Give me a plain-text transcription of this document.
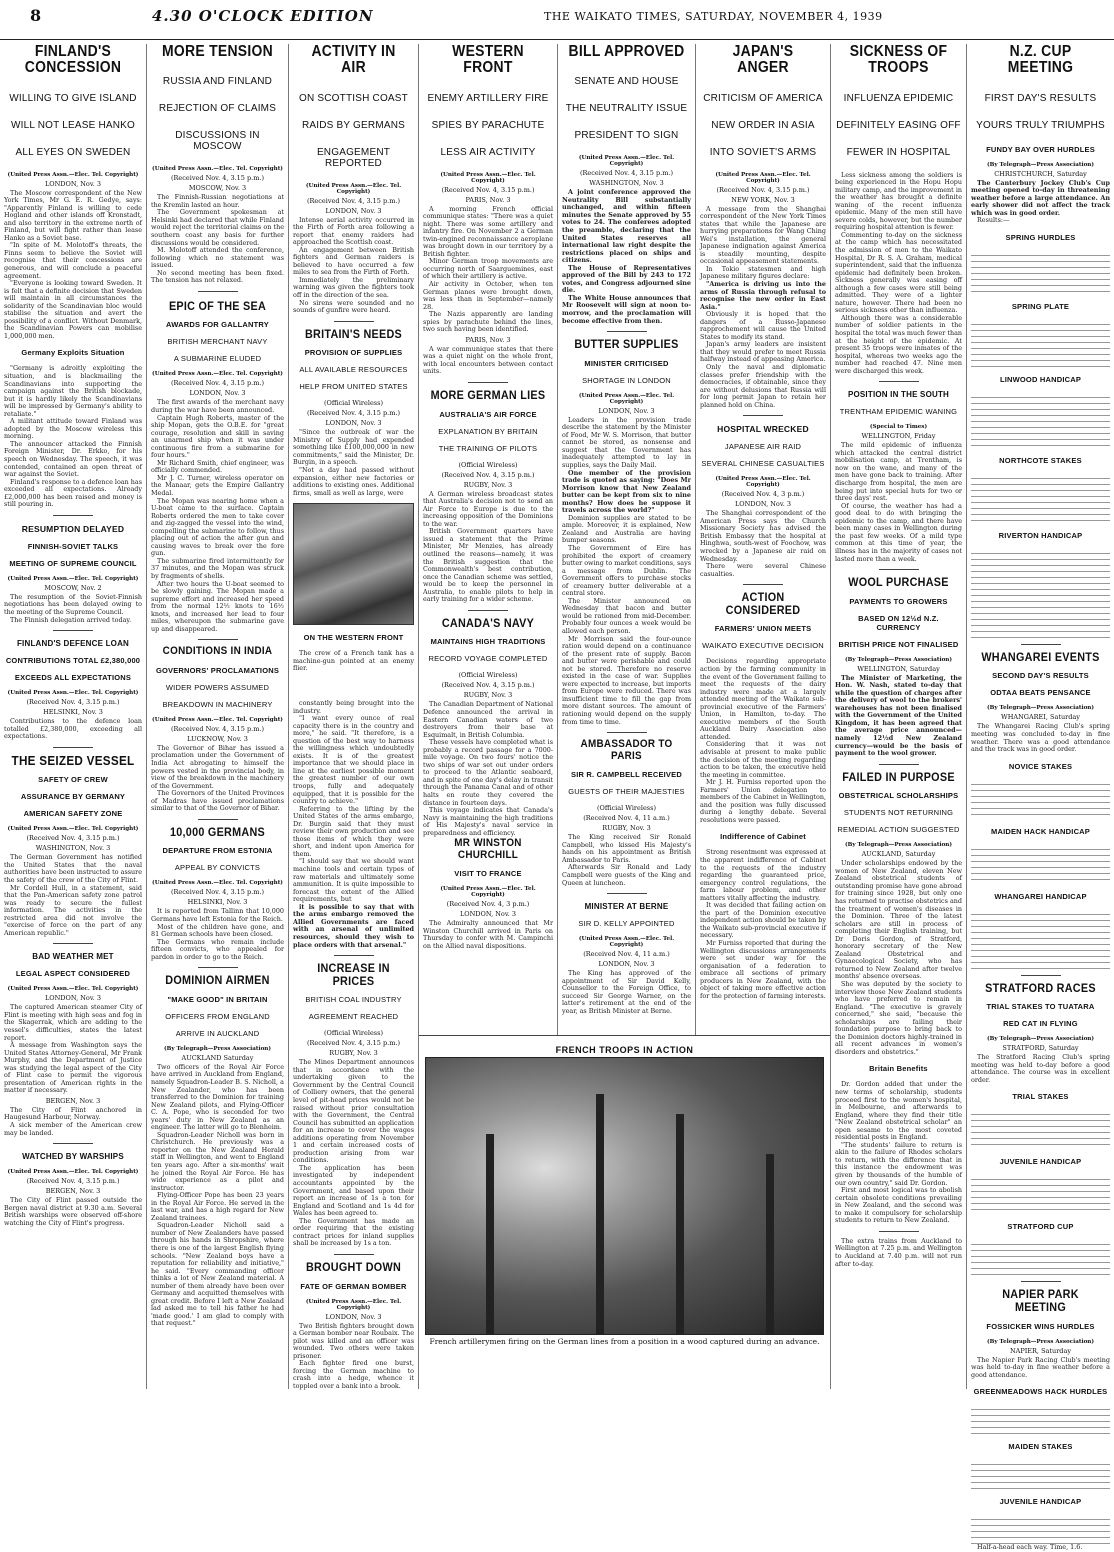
8	4.30 O'CLOCK EDITION	THE WAIKATO TIMES, SATURDAY, NOVEMBER 4, 1939
FINLAND'S CONCESSION
WILLING TO GIVE ISLAND
WILL NOT LEASE HANKO
ALL EYES ON SWEDEN
(United Press Assn.—Elec. Tel. Copyright)
LONDON, Nov. 3

The Moscow correspondent of the New York Times, Mr G. E. R. Gedye, says: "Apparently Finland is willing to cede Hogland and other islands off Kronstadt, and also territory in the extreme north of Finland, but will fight rather than lease Hanko as a Soviet base.

"In spite of M. Molotoff's threats, the Finns seem to believe the Soviet will recognise that their concessions are generous, and will conclude a peaceful agreement.

"Everyone is looking toward Sweden. It is felt that a definite decision that Sweden will maintain in all circumstances the solidarity of the Scandinavian bloc would stabilise the situation and avert the possibility of a conflict. Without Denmark, the Scandinavian Powers can mobilise 1,000,000 men.

Germany Exploits Situation

"Germany is adroitly exploiting the situation, and is blackmailing the Scandinavians into supporting the campaign against the British blockade, but it is hardly likely the Scandinavians will be impressed by Germany's ability to retaliate."

A militant attitude toward Finland was adopted by the Moscow wireless this morning.

The announcer attacked the Finnish Foreign Minister, Dr. Erkko, for his speech on Wednesday. The speech, it was contended, contained an open threat of war against the Soviet.

Finland's response to a defence loan has exceeded all expectations. Already £2,000,000 has been raised and money is still pouring in.

RESUMPTION DELAYED
FINNISH-SOVIET TALKS
MEETING OF SUPREME COUNCIL
(United Press Assn.—Elec. Tel. Copyright)
MOSCOW, Nov. 2

The resumption of the Soviet-Finnish negotiations has been delayed owing to the meeting of the Supreme Council.

The Finnish delegation arrived today.

FINLAND'S DEFENCE LOAN
CONTRIBUTIONS TOTAL £2,380,000
EXCEEDS ALL EXPECTATIONS
(United Press Assn.—Elec. Tel. Copyright)
(Received Nov. 4, 3.15 p.m.)
HELSINKI, Nov. 3

Contributions to the defence loan totalled £2,380,000, exceeding all expectations.

THE SEIZED VESSEL
SAFETY OF CREW
ASSURANCE BY GERMANY
AMERICAN SAFETY ZONE
(United Press Assn.—Elec. Tel. Copyright)
(Received Nov. 4, 3.15 p.m.)
WASHINGTON, Nov. 3

The German Government has notified the United States that the naval authorities have been instructed to assure the safety of the crew of the City of Flint.

Mr Cordell Hull, in a statement, said that the Pan-American safety zone patrol was ready to secure the fullest information. The activities in the restricted area did not involve the "exercise of force on the part of any American republic."

BAD WEATHER MET
LEGAL ASPECT CONSIDERED
(United Press Assn.—Elec. Tel. Copyright)
LONDON, Nov. 3

The captured American steamer City of Flint is meeting with high seas and fog in the Skagerrak, which are adding to the vessel's difficulties, states the latest report.

A message from Washington says the United States Attorney-General, Mr Frank Murphy, and the Department of Justice was studying the legal aspect of the City of Flint case to permit the vigorous presentation of American rights in the matter if necessary.

BERGEN, Nov. 3

The City of Flint anchored in Haugesund Harbour, Norway.

A sick member of the American crew may be landed.

WATCHED BY WARSHIPS
(United Press Assn.—Elec. Tel. Copyright)
(Received Nov. 4, 3.15 p.m.)
BERGEN, Nov. 3

The City of Flint passed outside the Bergen naval district at 9.30 a.m. Several British warships were observed off-shore watching the City of Flint's progress.

MORE TENSION
RUSSIA AND FINLAND
REJECTION OF CLAIMS
DISCUSSIONS IN MOSCOW
(United Press Assn.—Elec. Tel. Copyright)
(Received Nov. 4, 3.15 p.m.)
MOSCOW, Nov. 3

The Finnish-Russian negotiations at the Kremlin lasted an hour.

The Government spokesman at Helsinki had declared that while Finland would reject the territorial claims on the southern coast any basis for further discussions would be considered.

M. Molotoff attended the conference, following which no statement was issued.

No second meeting has been fixed. The tension has not relaxed.

EPIC OF THE SEA
AWARDS FOR GALLANTRY
BRITISH MERCHANT NAVY
A SUBMARINE ELUDED
(United Press Assn.—Elec. Tel. Copyright)
(Received Nov. 4, 3.15 p.m.)
LONDON, Nov. 3

The first awards of the merchant navy during the war have been announced.

Captain Hugh Roberts, master of the ship Mopan, gets the O.B.E. for "great courage, resolution and skill in saving an unarmed ship when it was under continuous fire from a submarine for four hours."

Mr Richard Smith, chief engineer, was officially commended.

Mr J. C. Turner, wireless operator on the Manaar, gets the Empire Gallantry Medal.

The Mopan was nearing home when a U-boat came to the surface. Captain Roberts ordered the men to take cover and zig-zagged the vessel into the wind, compelling the submarine to follow, thus placing out of action the after gun and causing waves to break over the fore gun.

The submarine fired intermittently for 37 minutes, and the Mopan was struck by fragments of shells.

After two hours the U-boat seemed to be slowly gaining. The Mopan made a supreme effort and increased her speed from the normal 12½ knots to 16½ knots, and increased her lead to four miles, whereupon the submarine gave up and disappeared.

CONDITIONS IN INDIA
GOVERNORS' PROCLAMATIONS
WIDER POWERS ASSUMED
BREAKDOWN IN MACHINERY
(United Press Assn.—Elec. Tel. Copyright)
(Received Nov. 4, 3.15 p.m.)
LUCKNOW, Nov. 3

The Governor of Bihar has issued a proclamation under the Government of India Act abrogating to himself the powers vested in the provincial body, in view of the breakdown in the machinery of the Government.

The Governors of the United Provinces of Madras have issued proclamations similar to that of the Governor of Bihar.

10,000 GERMANS
DEPARTURE FROM ESTONIA
APPEAL BY CONVICTS
(United Press Assn.—Elec. Tel. Copyright)
(Received Nov. 4, 3.15 p.m.)
HELSINKI, Nov. 3

It is reported from Tallinn that 10,000 Germans have left Estonia for the Reich.

Most of the children have gone, and 81 German schools have been closed.

The Germans who remain include fifteen convicts, who appealed for pardon in order to go to the Reich.

DOMINION AIRMEN
"MAKE GOOD" IN BRITAIN
OFFICERS FROM ENGLAND
ARRIVE IN AUCKLAND
(By Telegraph—Press Association)
AUCKLAND Saturday

Two officers of the Royal Air Force have arrived in Auckland from England, namely Squadron-Leader B. S. Nicholl, a New Zealander, who has been transferred to the Dominion for training New Zealand pilots, and Flying-Officer C. A. Pope, who is seconded for two years' duty in New Zealand as an engineer. The latter will go to Blenheim.

Squadron-Leader Nicholl was born in Christchurch. He previously was a reporter on the New Zealand Herald staff in Wellington, and went to England ten years ago. After a six-months' wait he joined the Royal Air Force. He has wide experience as a pilot and instructor.

Flying-Officer Pope has been 23 years in the Royal Air Force. He served in the last war, and has a high regard for New Zealand trainees.

Squadron-Leader Nicholl said a number of New Zealanders have passed through his hands in Shropshire, where there is one of the largest English flying schools. "New Zealand boys have a reputation for reliability and initiative," he said. "Every commanding officer thinks a lot of New Zealand material. A number of them already have been over Germany and acquitted themselves with great credit. Before I left a New Zealand lad asked me to tell his father he had 'made good.' I am glad to comply with that request."

ACTIVITY IN AIR
ON SCOTTISH COAST
RAIDS BY GERMANS
ENGAGEMENT REPORTED
(United Press Assn.—Elec. Tel. Copyright)
(Received Nov. 4, 3.15 p.m.)
LONDON, Nov. 3

Intense aerial activity occurred in the Firth of Forth area following a report that enemy raiders had approached the Scottish coast.

An engagement between British fighters and German raiders is believed to have occurred a few miles to sea from the Firth of Forth.

Immediately the preliminary warning was given the fighters took off in the direction of the sea.

No sirens were sounded and no sounds of gunfire were heard.

BRITAIN'S NEEDS
PROVISION OF SUPPLIES
ALL AVAILABLE RESOURCES
HELP FROM UNITED STATES
(Official Wireless)
(Received Nov. 4, 3.15 p.m.)
LONDON, Nov. 3

"Since the outbreak of war the Ministry of Supply had expended something like £100,000,000 in new commitments," said the Minister, Dr. Burgin, in a speech.

"Not a day had passed without expansion, either new factories or additions to existing ones. Additional firms, small as well as large, were

ON THE WESTERN FRONT

The crew of a French tank has a machine-gun pointed at an enemy flier.

constantly being brought into the industry.

"I want every ounce of real capacity there is in the country and more," he said. "It therefore, is a question of the best way to harness the willingness which undoubtedly exists. It is of the greatest importance that we should place in line at the earliest possible moment the greatest number of our own troops, fully and adequately equipped, that it is possible for the country to achieve."

Referring to the lifting by the United States of the arms embargo, Dr. Burgin said that they must review their own production and see those items of which they were short, and indent upon America for them.

"I should say that we should want machine tools and certain types of raw materials and ultimately some ammunition. It is quite impossible to forecast the extent of the Allied requirements, but

it is possible to say that with the arms embargo removed the Allied Governments are faced with an arsenal of unlimited resources, should they wish to place orders with that arsenal."

INCREASE IN PRICES
BRITISH COAL INDUSTRY
AGREEMENT REACHED
(Official Wireless)
(Received Nov. 4, 3.15 p.m.)
RUGBY, Nov. 3

The Mines Department announces that in accordance with the undertaking given to the Government by the Central Council of Colliery owners, that the general level of pit-head prices would not be raised without prior consultation with the Government, the Central Council has submitted an application for an increase to cover the wages additions operating from November 1 and certain increased costs of production arising from war conditions.

The application has been investigated by independent accountants appointed by the Government, and based upon their report an increase of 1s a ton for England and Scotland and 1s 4d for Wales has been agreed to.

The Government has made an order requiring that the existing contract prices for inland supplies shall be increased by 1s a ton.

BROUGHT DOWN
FATE OF GERMAN BOMBER
(United Press Assn.—Elec. Tel. Copyright)
LONDON, Nov. 3

Two British fighters brought down a German bomber near Roubaix. The pilot was killed and an officer was wounded. Two others were taken prisoner.

Each fighter fired one burst, forcing the German machine to crash into a hedge, whence it toppled over a bank into a brook.

WESTERN FRONT
ENEMY ARTILLERY FIRE
SPIES BY PARACHUTE
LESS AIR ACTIVITY
(United Press Assn.—Elec. Tel. Copyright)
(Received Nov. 4, 3.15 p.m.)
PARIS, Nov. 3

A morning French official communique states: "There was a quiet night. There was some artillery and infantry fire. On November 2 a German twin-engined reconnaissance aeroplane was brought down in our territory by a British fighter.

Minor German troop movements are occurring north of Saarguemines, east of which their artillery is active.

Air activity in October, when ten German planes were brought down, was less than in September—namely 28.

The Nazis apparently are landing spies by parachute behind the lines, two such having been identified.

PARIS, Nov. 3

A war communique states that there was a quiet night on the whole front, with local encounters between contact units.

MORE GERMAN LIES
AUSTRALIA'S AIR FORCE
EXPLANATION BY BRITAIN
THE TRAINING OF PILOTS
(Official Wireless)
(Received Nov. 4, 3.15 p.m.)
RUGBY, Nov. 3

A German wireless broadcast states that Australia's decision not to send an Air Force to Europe is due to the increasing opposition of the Dominions to the war.

British Government quarters have issued a statement that the Prime Minister, Mr Menzies, has already outlined the reasons—namely, it was the British suggestion that the Commonwealth's best contribution, once the Canadian scheme was settled, would be to keep the personnel in Australia, to enable pilots to help in early training for a wider scheme.

CANADA'S NAVY
MAINTAINS HIGH TRADITIONS
RECORD VOYAGE COMPLETED
(Official Wireless)
(Received Nov. 4, 3.15 p.m.)
RUGBY, Nov. 3

The Canadian Department of National Defence announced the arrival in Eastern Canadian waters of two destroyers from their base at Esquimalt, in British Columbia.

These vessels have completed what is probably a record passage for a 7000-mile voyage. On two fours' notice the two ships of war set out under orders to proceed to the Atlantic seaboard, and in spite of one day's delay in transit through the Panama Canal and of other halts en route they covered the distance in fourteen days.

This voyage indicates that Canada's Navy is maintaining the high traditions of His Majesty's naval service in preparedness and efficiency.

MR WINSTON CHURCHILL
VISIT TO FRANCE
(United Press Assn.—Elec. Tel. Copyright)
(Received Nov. 4, 3 p.m.)
LONDON, Nov. 3

The Admiralty announced that Mr Winston Churchill arrived in Paris on Thursday to confer with M. Campinchi on the Allied naval dispositions.

BILL APPROVED
SENATE AND HOUSE
THE NEUTRALITY ISSUE
PRESIDENT TO SIGN
(United Press Assn.—Elec. Tel. Copyright)
(Received Nov. 4, 3.15 p.m.)
WASHINGTON, Nov. 3

A joint conference approved the Neutrality Bill substantially unchanged, and within fifteen minutes the Senate approved by 55 votes to 24. The conferees adopted the preamble, declaring that the United States reserves all international law right despite the restrictions placed on ships and citizens.

The House of Representatives approved of the Bill by 243 to 172 votes, and Congress adjourned sine die.

The White House announces that Mr Roosevelt will sign at noon to-morrow, and the proclamation will become effective from then.

BUTTER SUPPLIES
MINISTER CRITICISED
SHORTAGE IN LONDON
(United Press Assn.—Elec. Tel. Copyright)
LONDON, Nov. 3

Leaders in the provision trade describe the statement by the Minister of Food, Mr W. S. Morrison, that butter cannot be stored, as nonsense and suggest that the Government has inadequately attempted to lay in supplies, says the Daily Mail.

One member of the provision trade is quoted as saying: "Does Mr Morrison know that New Zealand butter can be kept from six to nine months? How does he suppose it travels across the world?"

Dominion supplies are stated to be ample. Moreover, it is explained, New Zealand and Australia are having bumper seasons.

The Government of Eire has prohibited the export of creamery butter owing to market conditions, says a message from Dublin. The Government offers to purchase stocks of creamery butter deliverable at a central store.

The Minister announced on Wednesday that bacon and butter would be rationed from mid-December. Probably four ounces a week would be allowed each person.

Mr Morrison said the four-ounce ration would depend on a continuance of the present rate of supply. Bacon and butter were perishable and could not be stored. Therefore no reserve existed in the case of war. Supplies were expected to increase, but imports from Europe were reduced. There was insufficient time to fill the gap from more distant sources. The amount of rationing would depend on the supply from time to time.

AMBASSADOR TO PARIS
SIR R. CAMPBELL RECEIVED
GUESTS OF THEIR MAJESTIES
(Official Wireless)
(Received Nov. 4, 11 a.m.)
RUGBY, Nov. 3

The King received Sir Ronald Campbell, who kissed His Majesty's hands on his appointment as British Ambassador to Paris.

Afterwards Sir Ronald and Lady Campbell were guests of the King and Queen at luncheon.

MINISTER AT BERNE
SIR D. KELLY APPOINTED
(United Press Assn.—Elec. Tel. Copyright)
(Received Nov. 4, 11 a.m.)
LONDON, Nov. 3

The King has approved of the appointment of Sir David Kelly, Counsellor to the Foreign Office, to succeed Sir George Warner, on the latter's retirement at the end of the year, as British Minister at Berne.

JAPAN'S ANGER
CRITICISM OF AMERICA
NEW ORDER IN ASIA
INTO SOVIET'S ARMS
(United Press Assn.—Elec. Tel. Copyright)
(Received Nov. 4, 3.15 p.m.)
NEW YORK, Nov. 3

A message from the Shanghai correspondent of the New York Times states that while the Japanese are hurrying preparations for Wang Ching Wei's installation, the general Japanese indignation against America is steadily mounting, despite occasional appeasement statements.

In Tokio statesmen and high Japanese military figures declare:

"America is driving us into the arms of Russia through refusal to recognise the new order in East Asia."

Obviously it is hoped that the dangers of a Russo-Japanese rapprochement will cause the United States to modify its stand.

Japan's army leaders are insistent that they would prefer to meet Russia halfway instead of appeasing America.

Only the naval and diplomatic classes prefer friendship with the democracies, if obtainable, since they are without delusions that Russia will for long permit Japan to retain her planned hold on China.

HOSPITAL WRECKED
JAPANESE AIR RAID
SEVERAL CHINESE CASUALTIES
(United Press Assn.—Elec. Tel. Copyright)
(Received Nov. 4, 3 p.m.)
LONDON, Nov. 3

The Shanghai correspondent of the American Press says the Church Missionary Society has advised the British Embassy that the hospital at Hinghwa, south-west of Foochow, was wrecked by a Japanese air raid on Wednesday.

There were several Chinese casualties.

ACTION CONSIDERED
FARMERS' UNION MEETS
WAIKATO EXECUTIVE DECISION

Decisions regarding appropriate action by the farming community in the event of the Government failing to meet the requests of the dairy industry were made at a largely attended meeting of the Waikato sub-provincial executive of the Farmers' Union, in Hamilton, to-day. The executive members of the South Auckland Dairy Association also attended.

Considering that it was not advisable at present to make public the decision of the meeting regarding action to be taken, the executive held the meeting in committee.

Mr J. H. Furniss reported upon the Farmers' Union delegation to members of the Cabinet in Wellington, and the position was fully discussed during a lengthy debate. Several resolutions were passed.

Indifference of Cabinet

Strong resentment was expressed at the apparent indifference of Cabinet to the requests of the industry regarding the guaranteed price, emergency control regulations, the farm labour problem, and other matters vitally affecting the industry.

It was decided that failing action on the part of the Dominion executive independent action should be taken by the Waikato sub-provincial executive if necessary.

Mr Furniss reported that during the Wellington discussions arrangements were set under way for the organisation of a federation to embrace all sections of primary producers in New Zealand, with the object of taking more effective action for the protection of farming interests.

FRENCH TROOPS IN ACTION
French artillerymen firing on the German lines from a position in a wood captured during an advance.
SICKNESS OF TROOPS
INFLUENZA EPIDEMIC
DEFINITELY EASING OFF
FEWER IN HOSPITAL

Less sickness among the soldiers is being experienced in the Hopu Hopu military camp, and the improvement in the weather has brought a definite waning of the recent influenza epidemic. Many of the men still have severe colds, however, but the number requiring hospital attention is fewer.

Commenting to-day on the sickness at the camp which has necessitated the admission of men to the Waikato Hospital, Dr R. S. A. Graham, medical superintendent, said that the influenza epidemic had definitely been broken. Sickness generally was easing off although a few cases were still being admitted. They were of a lighter nature, however. There had been no serious sickness other than influenza.

Although there was a considerable number of soldier patients in the hospital the total was much fewer than at the height of the epidemic. At present 35 troops were inmates of the hospital, whereas two weeks ago the number had reached 47. Nine men were discharged this week.

POSITION IN THE SOUTH
TRENTHAM EPIDEMIC WANING
(Special to Times)
WELLINGTON, Friday

The mild epidemic of influenza which attacked the central district mobilisation camp, at Trentham, is now on the wane, and many of the men have gone back to training. After discharge from hospital, the men are being put into special huts for two or three days' rest.

Of course, the weather has had a good deal to do with bringing the epidemic to the camp, and there have been many cases in Wellington during the past few weeks. Of a mild type common at this time of year, the illness has in the majority of cases not lasted more than a week.

WOOL PURCHASE
PAYMENTS TO GROWERS
BASED ON 12½d N.Z. CURRENCY
BRITISH PRICE NOT FINALISED
(By Telegraph—Press Association)
WELLINGTON, Saturday

The Minister of Marketing, the Hon. W. Nash, stated to-day that while the question of charges after the delivery of wool to the brokers' warehouses has not been finalised with the Government of the United Kingdom, it has been agreed that the average price announced—namely 12½d New Zealand currency—would be the basis of payment to the wool grower.

FAILED IN PURPOSE
OBSTETRICAL SCHOLARSHIPS
STUDENTS NOT RETURNING
REMEDIAL ACTION SUGGESTED
(By Telegraph—Press Association)
AUCKLAND, Saturday

Under scholarships endowed by the women of New Zealand, eleven New Zealand obstetrical students of outstanding promise have gone abroad for training since 1928, but only one has returned to practise obstetrics and the treatment of women's diseases in the Dominion. Three of the latest scholars are still in process of completing their English training, but Dr Doris Gordon, of Stratford, honorary secretary of the New Zealand Obstetrical and Gynaecological Society, who has returned to New Zealand after twelve months' absence overseas.

She was deputed by the society to interview those New Zealand students who have preferred to remain in England. "The executive is gravely concerned," she said, "because the scholarships are failing their foundation purpose to bring back to the Dominion doctors highly-trained in all recent advances in women's disorders and obstetrics."

Britain Benefits

Dr. Gordon added that under the new terms of scholarship, students proceed first to the women's hospital, in Melbourne, and afterwards to England, where they find their title "New Zealand obstetrical scholar" an open sesame to the most coveted residential posts in England.

"The students' failure to return is akin to the failure of Rhodes scholars to return, with the difference that in this instance the endowment was given by thousands of the humble of our own country," said Dr. Gordon.

First and most logical was to abolish certain obsolete conditions prevailing in New Zealand, and the second was to make it compulsory for scholarship students to return to New Zealand.

The extra trains from Auckland to Wellington at 7.25 p.m. and Wellington to Auckland at 7.40 p.m. will not run after to-day.

N.Z. CUP MEETING
FIRST DAY'S RESULTS
YOURS TRULY TRIUMPHS
FUNDY BAY OVER HURDLES
(By Telegraph—Press Association)
CHRISTCHURCH, Saturday

The Canterbury Jockey Club's Cup meeting opened to-day in threatening weather before a large attendance. An early shower did not affect the track which was in good order.

Results:—

SPRING HURDLES
SPRING PLATE
LINWOOD HANDICAP
NORTHCOTE STAKES
RIVERTON HANDICAP
WHANGAREI EVENTS
SECOND DAY'S RESULTS
ODTAA BEATS PENSANCE
(By Telegraph—Press Association)
WHANGAREI, Saturday

The Whangarei Racing Club's spring meeting was concluded to-day in fine weather. There was a good attendance and the track was in good order.

NOVICE STAKES
MAIDEN HACK HANDICAP
WHANGAREI HANDICAP
STRATFORD RACES
TRIAL STAKES TO TUATARA
RED CAT IN FLYING
(By Telegraph—Press Association)
STRATFORD, Saturday

The Stratford Racing Club's spring meeting was held to-day before a good attendance. The course was in excellent order.

TRIAL STAKES
JUVENILE HANDICAP
STRATFORD CUP
NAPIER PARK MEETING
FOSSICKER WINS HURDLES
(By Telegraph—Press Association)
NAPIER, Saturday

The Napier Park Racing Club's meeting was held to-day in fine weather before a good attendance.

GREENMEADOWS HACK HURDLES
MAIDEN STAKES
JUVENILE HANDICAP

Half-a-head each way. Time, 1.6.
